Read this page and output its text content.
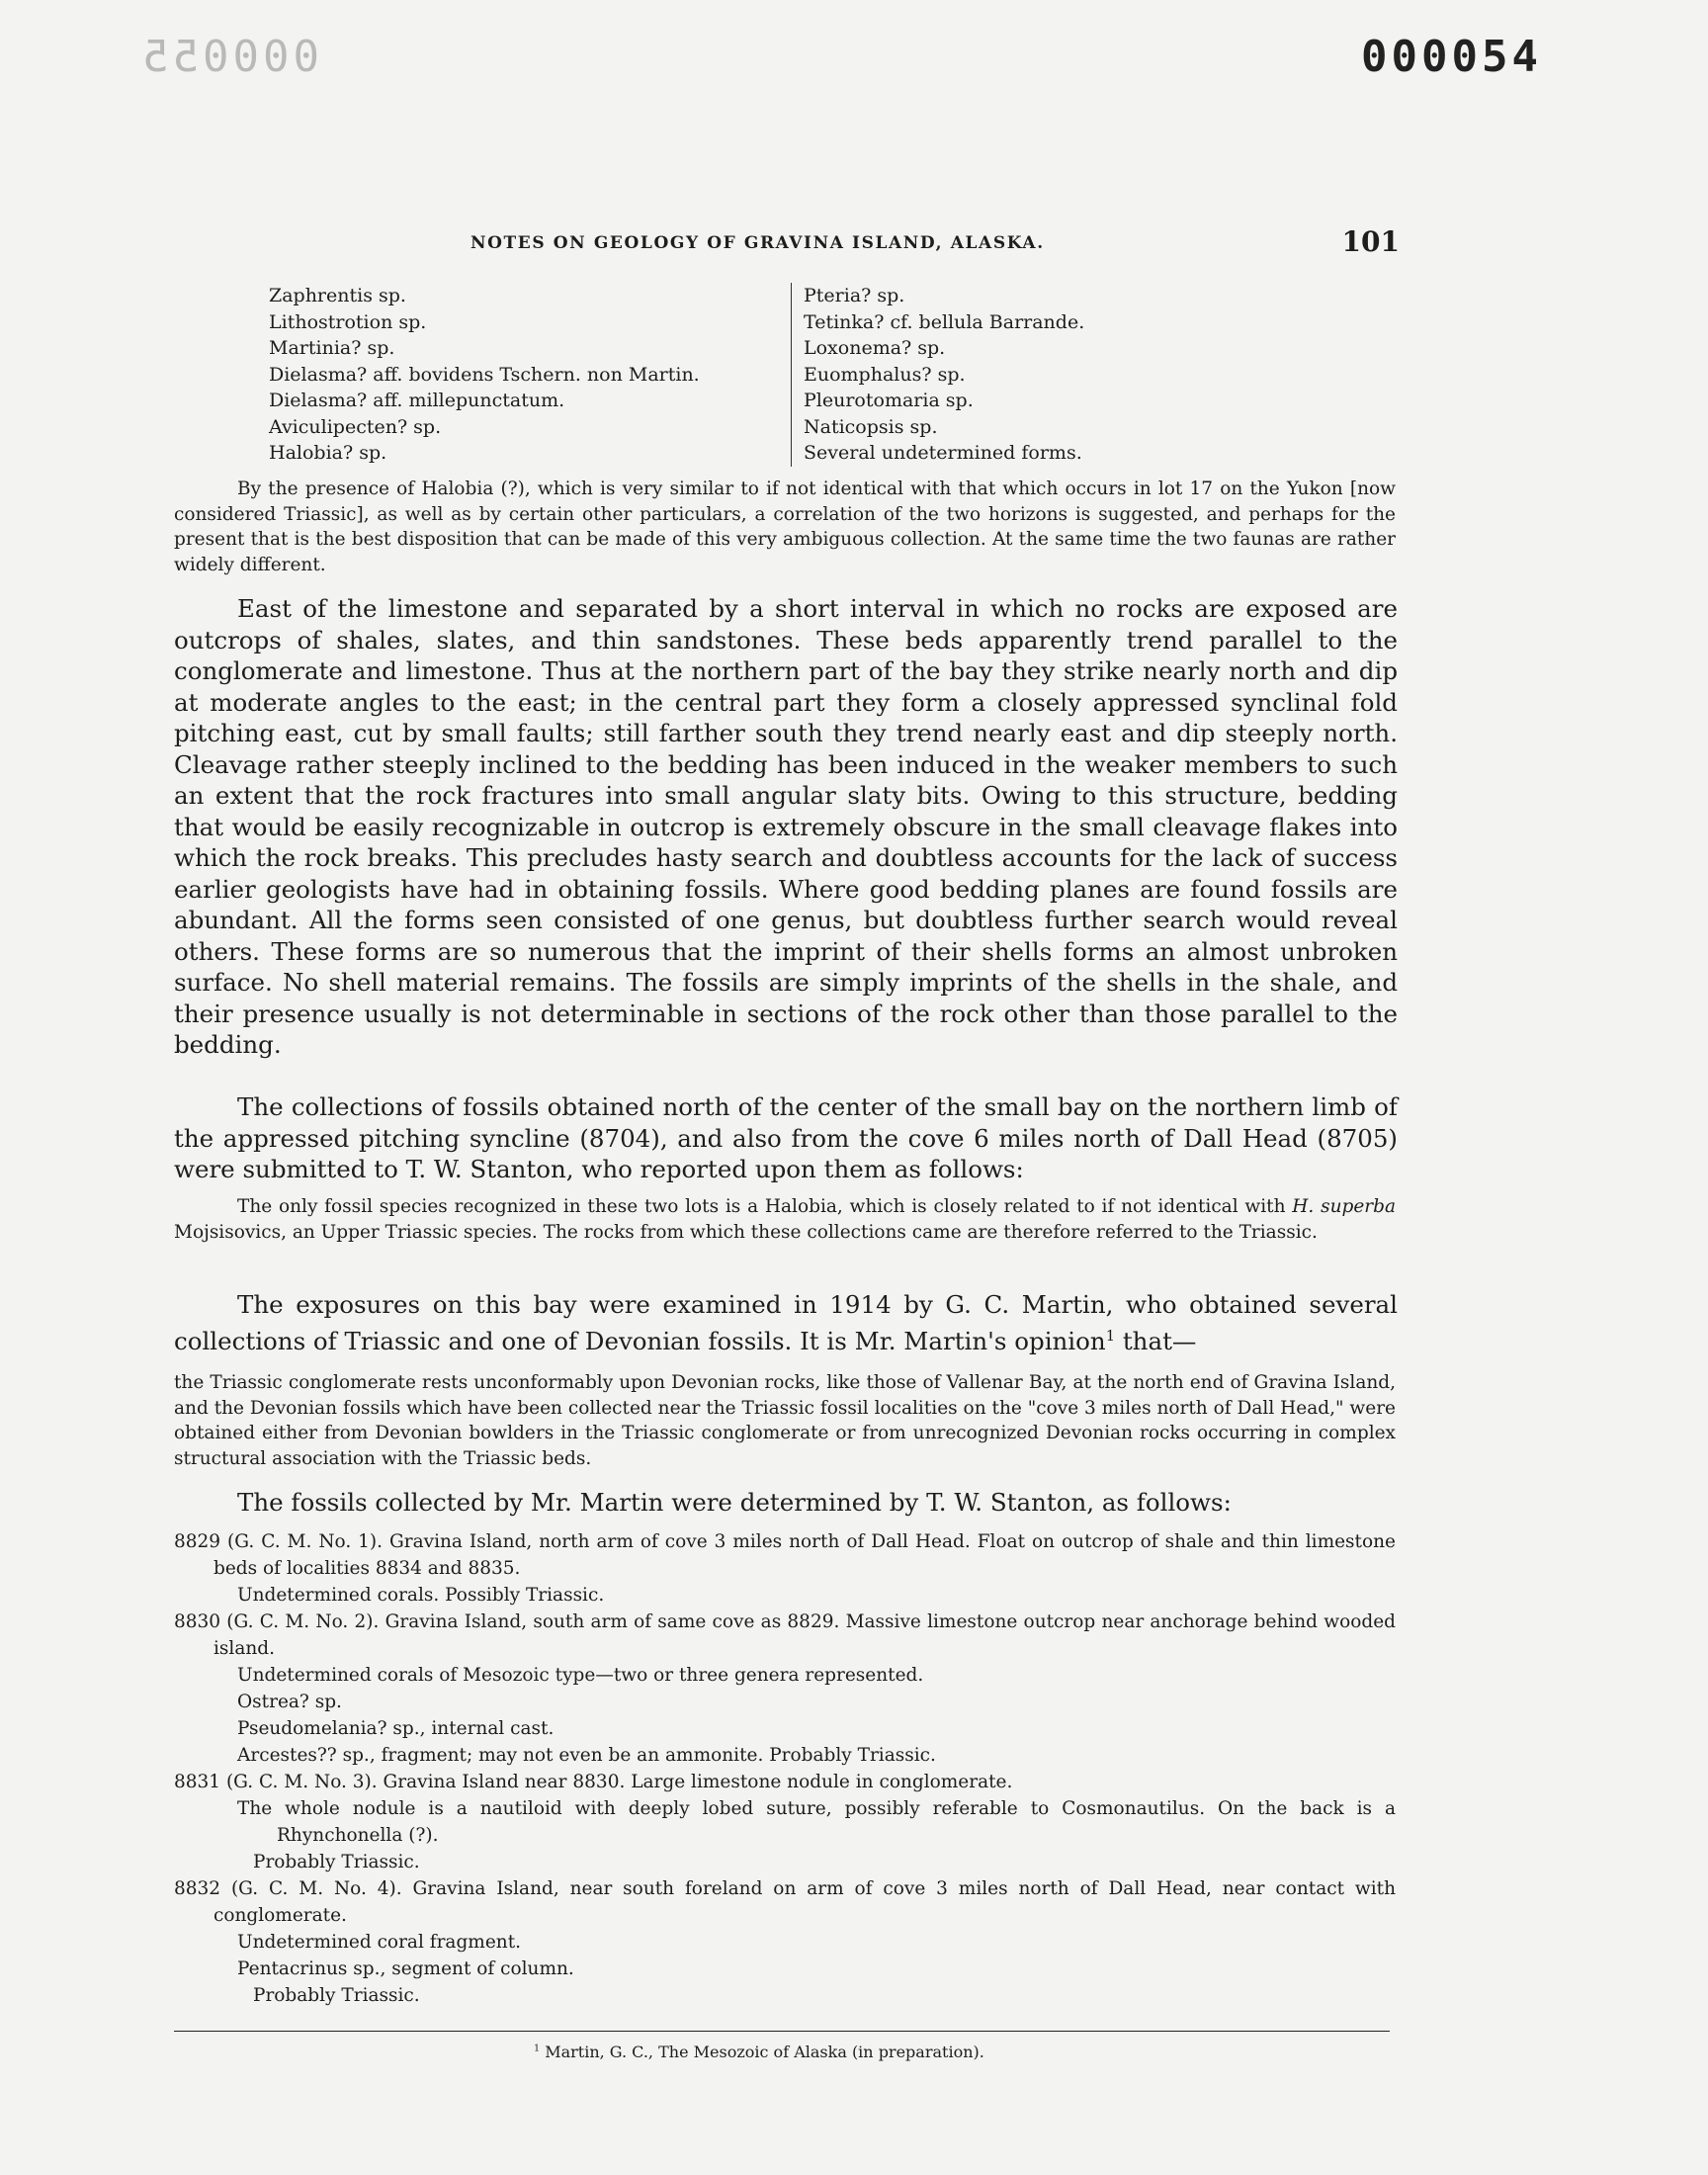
000055	000054
NOTES ON GEOLOGY OF GRAVINA ISLAND, ALASKA.	101
Zaphrentis sp.
Lithostrotion sp.
Martinia? sp.
Dielasma? aff. bovidens Tschern. non Martin.
Dielasma? aff. millepunctatum.
Aviculipecten? sp.
Halobia? sp.
Pteria? sp.
Tetinka? cf. bellula Barrande.
Loxonema? sp.
Euomphalus? sp.
Pleurotomaria sp.
Naticopsis sp.
Several undetermined forms.
By the presence of Halobia (?), which is very similar to if not identical with that which occurs in lot 17 on the Yukon [now considered Triassic], as well as by certain other particulars, a correlation of the two horizons is suggested, and perhaps for the present that is the best disposition that can be made of this very ambiguous collection. At the same time the two faunas are rather widely different.
East of the limestone and separated by a short interval in which no rocks are exposed are outcrops of shales, slates, and thin sandstones. These beds apparently trend parallel to the conglomerate and limestone. Thus at the northern part of the bay they strike nearly north and dip at moderate angles to the east; in the central part they form a closely appressed synclinal fold pitching east, cut by small faults; still farther south they trend nearly east and dip steeply north. Cleavage rather steeply inclined to the bedding has been induced in the weaker members to such an extent that the rock fractures into small angular slaty bits. Owing to this structure, bedding that would be easily recognizable in outcrop is extremely obscure in the small cleavage flakes into which the rock breaks. This precludes hasty search and doubtless accounts for the lack of success earlier geologists have had in obtaining fossils. Where good bedding planes are found fossils are abundant. All the forms seen consisted of one genus, but doubtless further search would reveal others. These forms are so numerous that the imprint of their shells forms an almost unbroken surface. No shell material remains. The fossils are simply imprints of the shells in the shale, and their presence usually is not determinable in sections of the rock other than those parallel to the bedding.
The collections of fossils obtained north of the center of the small bay on the northern limb of the appressed pitching syncline (8704), and also from the cove 6 miles north of Dall Head (8705) were submitted to T. W. Stanton, who reported upon them as follows:
The only fossil species recognized in these two lots is a Halobia, which is closely related to if not identical with H. superba Mojsisovics, an Upper Triassic species. The rocks from which these collections came are therefore referred to the Triassic.
The exposures on this bay were examined in 1914 by G. C. Martin, who obtained several collections of Triassic and one of Devonian fossils. It is Mr. Martin's opinion$^1$ that—
the Triassic conglomerate rests unconformably upon Devonian rocks, like those of Vallenar Bay, at the north end of Gravina Island, and the Devonian fossils which have been collected near the Triassic fossil localities on the "cove 3 miles north of Dall Head," were obtained either from Devonian bowlders in the Triassic conglomerate or from unrecognized Devonian rocks occurring in complex structural association with the Triassic beds.
The fossils collected by Mr. Martin were determined by T. W. Stanton, as follows:
8829 (G. C. M. No. 1). Gravina Island, north arm of cove 3 miles north of Dall Head. Float on outcrop of shale and thin limestone beds of localities 8834 and 8835.
Undetermined corals. Possibly Triassic.
8830 (G. C. M. No. 2). Gravina Island, south arm of same cove as 8829. Massive limestone outcrop near anchorage behind wooded island.
Undetermined corals of Mesozoic type—two or three genera represented.
Ostrea? sp.
Pseudomelania? sp., internal cast.
Arcestes?? sp., fragment; may not even be an ammonite. Probably Triassic.
8831 (G. C. M. No. 3). Gravina Island near 8830. Large limestone nodule in conglomerate.
The whole nodule is a nautiloid with deeply lobed suture, possibly referable to Cosmonautilus. On the back is a Rhynchonella (?).
Probably Triassic.
8832 (G. C. M. No. 4). Gravina Island, near south foreland on arm of cove 3 miles north of Dall Head, near contact with conglomerate.
Undetermined coral fragment.
Pentacrinus sp., segment of column.
Probably Triassic.
$^1$ Martin, G. C., The Mesozoic of Alaska (in preparation).
